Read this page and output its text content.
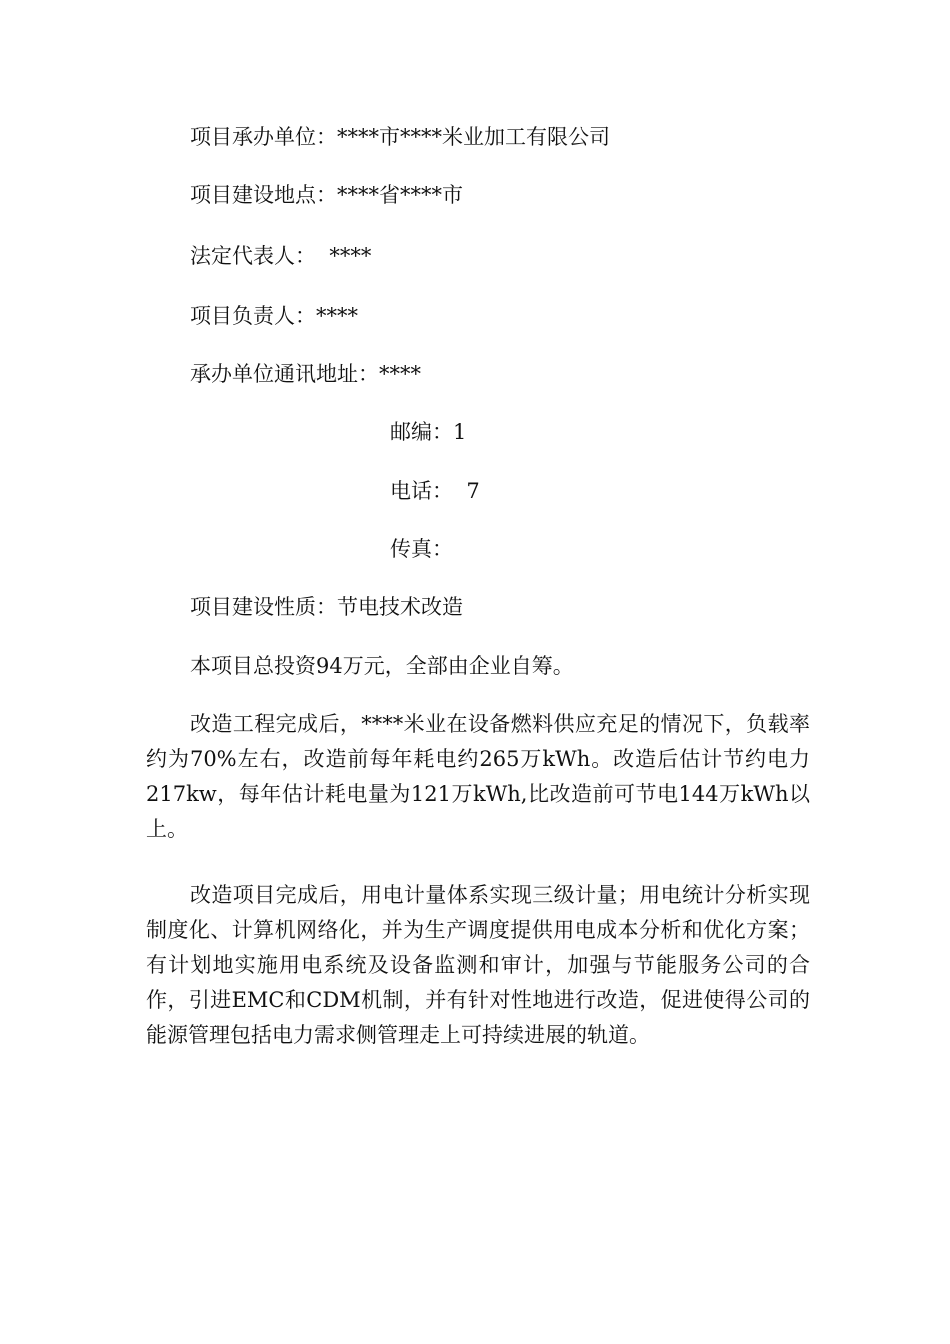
项目承办单位：****市****米业加工有限公司
项目建设地点：****省****市
法定代表人：  ****
项目负责人：****
承办单位通讯地址：****
邮编：1
电话：  7
传真：
项目建设性质：节电技术改造
本项目总投资94万元，全部由企业自筹。

改造工程完成后，****米业在设备燃料供应充足的情况下，负载率约为70%左右，改造前每年耗电约265万kWh。改造后估计节约电力217kw，每年估计耗电量为121万kWh,比改造前可节电144万kWh以上。

改造项目完成后，用电计量体系实现三级计量；用电统计分析实现制度化、计算机网络化，并为生产调度提供用电成本分析和优化方案；有计划地实施用电系统及设备监测和审计，加强与节能服务公司的合作，引进EMC和CDM机制，并有针对性地进行改造，促进使得公司的能源管理包括电力需求侧管理走上可持续进展的轨道。
